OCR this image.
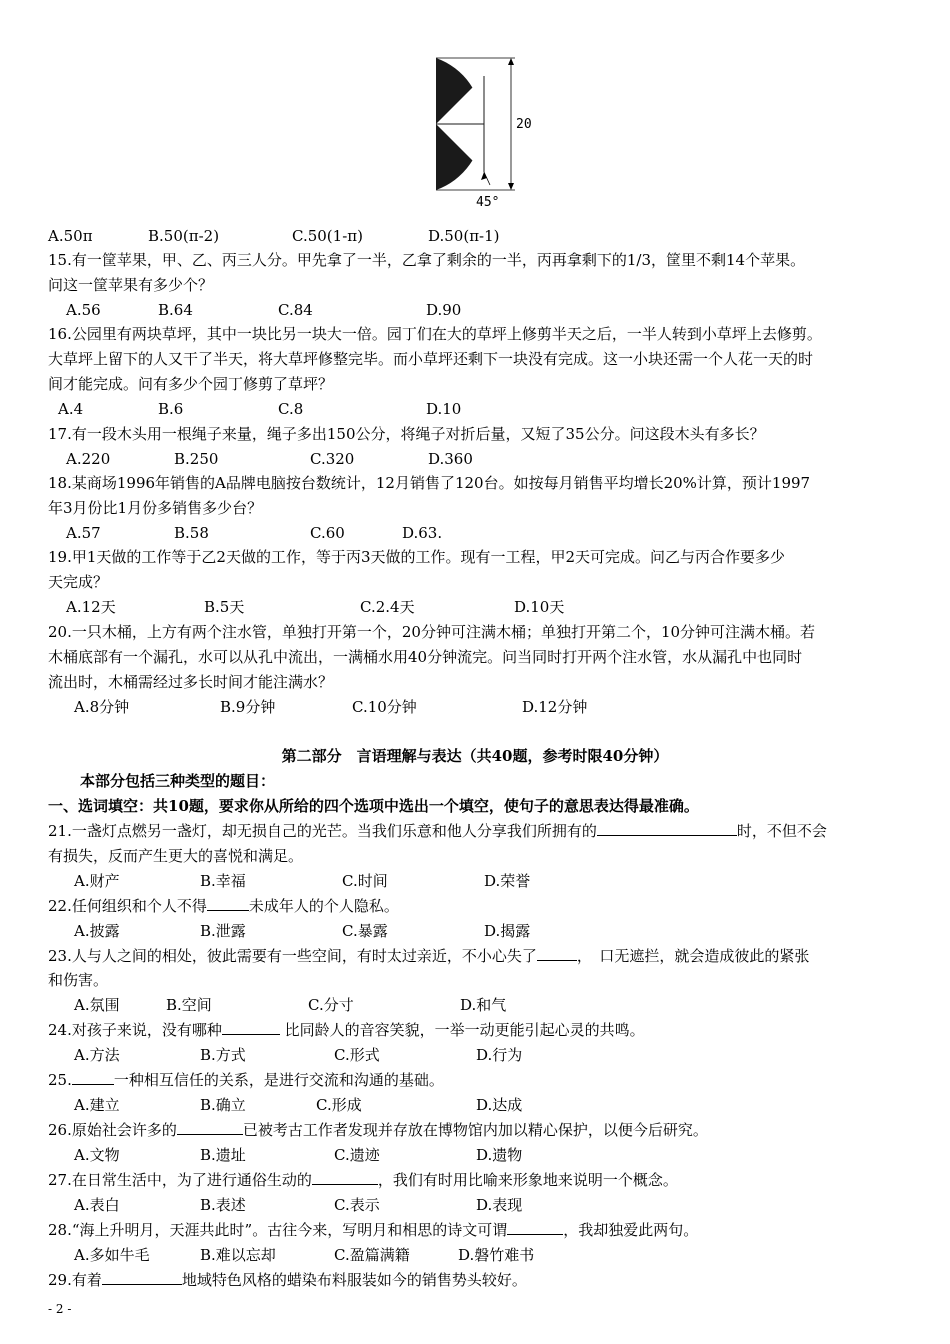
20
45°
A.50π	B.50(π-2)	C.50(1-π)	D.50(π-1)
15.有一筐苹果，甲、乙、丙三人分。甲先拿了一半，乙拿了剩余的一半，丙再拿剩下的1/3，筐里不剩14个苹果。
问这一筐苹果有多少个？
A.56	B.64	C.84	D.90
16.公园里有两块草坪，其中一块比另一块大一倍。园丁们在大的草坪上修剪半天之后，一半人转到小草坪上去修剪。
大草坪上留下的人又干了半天，将大草坪修整完毕。而小草坪还剩下一块没有完成。这一小块还需一个人花一天的时
间才能完成。问有多少个园丁修剪了草坪？
A.4	B.6	C.8	D.10
17.有一段木头用一根绳子来量，绳子多出150公分，将绳子对折后量，又短了35公分。问这段木头有多长？
A.220	B.250	C.320	D.360
18.某商场1996年销售的A品牌电脑按台数统计，12月销售了120台。如按每月销售平均增长20%计算，预计1997
年3月份比1月份多销售多少台？
A.57	B.58	C.60	D.63.
19.甲1天做的工作等于乙2天做的工作，等于丙3天做的工作。现有一工程，甲2天可完成。问乙与丙合作要多少
天完成？
A.12天	B.5天	C.2.4天	D.10天
20.一只木桶，上方有两个注水管，单独打开第一个，20分钟可注满木桶；单独打开第二个，10分钟可注满木桶。若
木桶底部有一个漏孔，水可以从孔中流出，一满桶水用40分钟流完。问当同时打开两个注水管，水从漏孔中也同时
流出时，木桶需经过多长时间才能注满水？
A.8分钟	B.9分钟	C.10分钟	D.12分钟
第二部分　言语理解与表达（共40题，参考时限40分钟）
本部分包括三种类型的题目：
一、选词填空：共10题，要求你从所给的四个选项中选出一个填空，使句子的意思表达得最准确。
21.一盏灯点燃另一盏灯，却无损自己的光芒。当我们乐意和他人分享我们所拥有的	时，不但不会
有损失，反而产生更大的喜悦和满足。
A.财产	B.幸福	C.时间	D.荣誉
22.任何组织和个人不得	未成年人的个人隐私。
A.披露	B.泄露	C.暴露	D.揭露
23.人与人之间的相处，彼此需要有一些空间，有时太过亲近，不小心失了	，　口无遮拦，就会造成彼此的紧张
和伤害。
A.氛围	B.空间	C.分寸	D.和气
24.对孩子来说，没有哪种	比同龄人的音容笑貌，一举一动更能引起心灵的共鸣。
A.方法	B.方式	C.形式	D.行为
25.	一种相互信任的关系，是进行交流和沟通的基础。
A.建立	B.确立	C.形成	D.达成
26.原始社会许多的	已被考古工作者发现并存放在博物馆内加以精心保护，以便今后研究。
A.文物	B.遗址	C.遗迹	D.遗物
27.在日常生活中，为了进行通俗生动的	，我们有时用比喻来形象地来说明一个概念。
A.表白	B.表述	C.表示	D.表现
28.“海上升明月，天涯共此时”。古往今来，写明月和相思的诗文可谓	，我却独爱此两句。
A.多如牛毛	B.难以忘却	C.盈篇满籍	D.磐竹难书
29.有着	地域特色风格的蜡染布料服装如今的销售势头较好。
- 2 -
